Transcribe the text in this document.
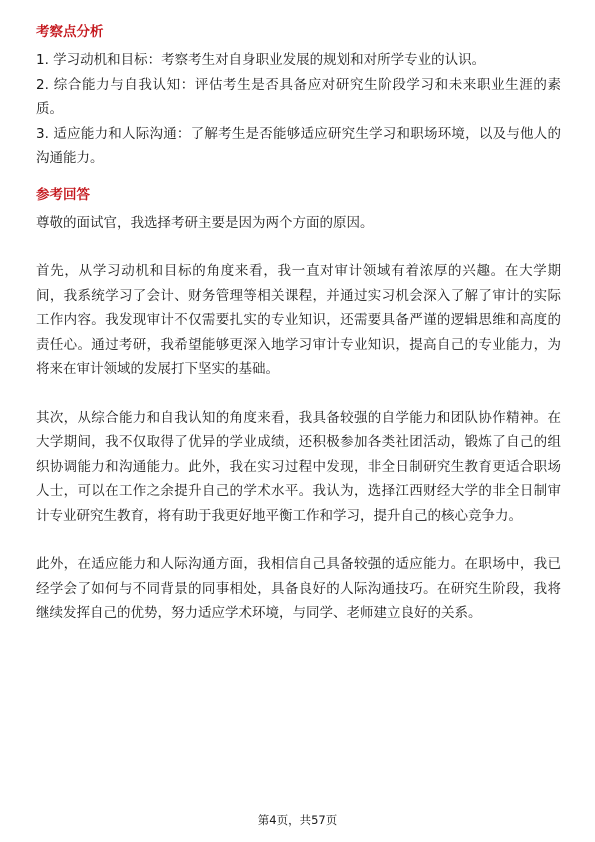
考察点分析

1. 学习动机和目标：考察考生对自身职业发展的规划和对所学专业的认识。

2. 综合能力与自我认知：评估考生是否具备应对研究生阶段学习和未来职业生涯的素质。

3. 适应能力和人际沟通：了解考生是否能够适应研究生学习和职场环境，以及与他人的沟通能力。

参考回答

尊敬的面试官，我选择考研主要是因为两个方面的原因。

首先，从学习动机和目标的角度来看，我一直对审计领域有着浓厚的兴趣。在大学期间，我系统学习了会计、财务管理等相关课程，并通过实习机会深入了解了审计的实际工作内容。我发现审计不仅需要扎实的专业知识，还需要具备严谨的逻辑思维和高度的责任心。通过考研，我希望能够更深入地学习审计专业知识，提高自己的专业能力，为将来在审计领域的发展打下坚实的基础。

其次，从综合能力和自我认知的角度来看，我具备较强的自学能力和团队协作精神。在大学期间，我不仅取得了优异的学业成绩，还积极参加各类社团活动，锻炼了自己的组织协调能力和沟通能力。此外，我在实习过程中发现，非全日制研究生教育更适合职场人士，可以在工作之余提升自己的学术水平。我认为，选择江西财经大学的非全日制审计专业研究生教育，将有助于我更好地平衡工作和学习，提升自己的核心竞争力。

此外，在适应能力和人际沟通方面，我相信自己具备较强的适应能力。在职场中，我已经学会了如何与不同背景的同事相处，具备良好的人际沟通技巧。在研究生阶段，我将继续发挥自己的优势，努力适应学术环境，与同学、老师建立良好的关系。

第4页，共57页
